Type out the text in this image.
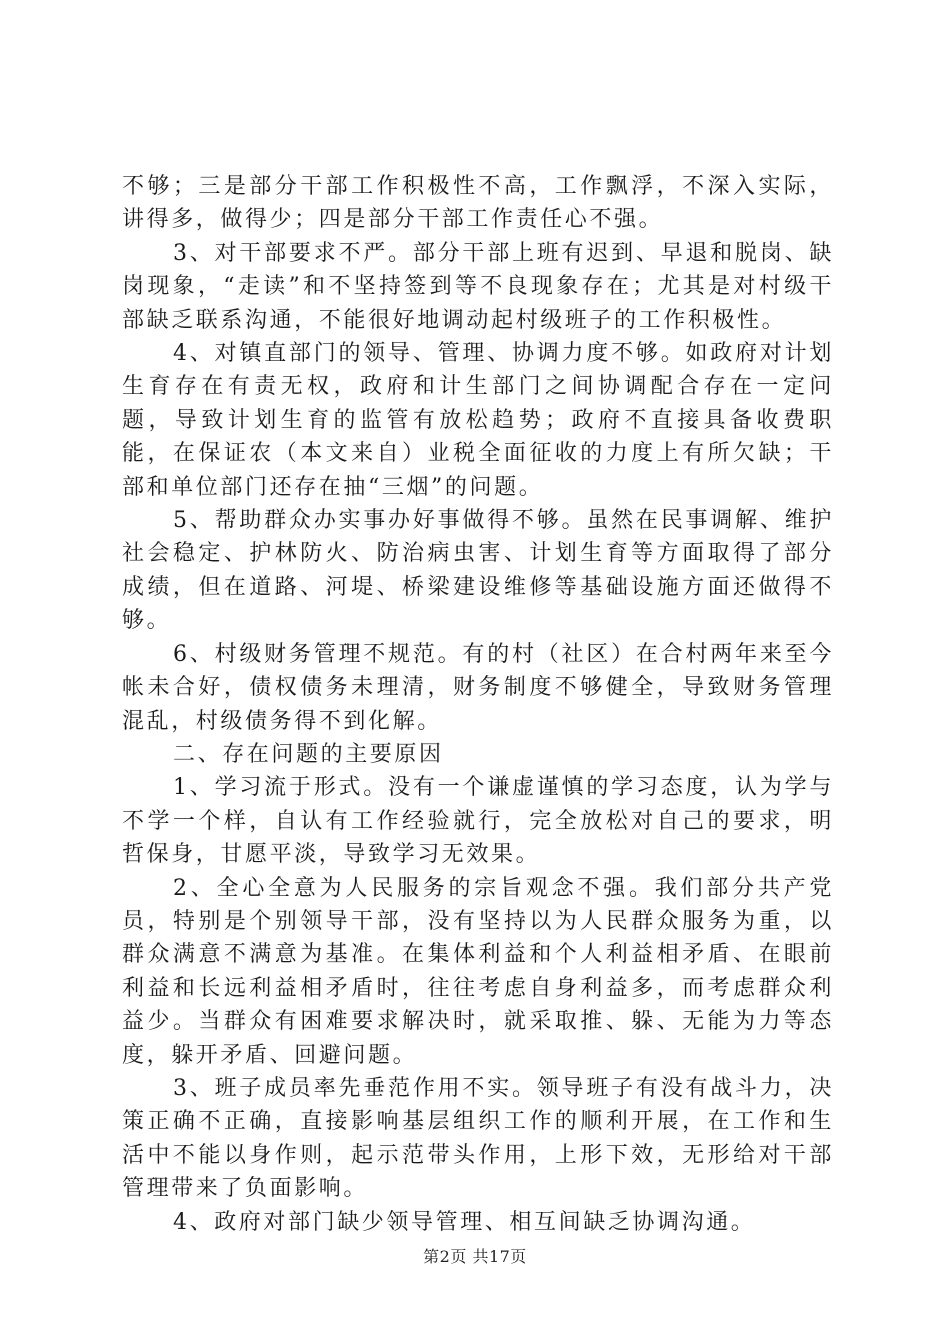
不够；三是部分干部工作积极性不高，工作飘浮，不深入实际，讲得多，做得少；四是部分干部工作责任心不强。

3、对干部要求不严。部分干部上班有迟到、早退和脱岗、缺岗现象，“走读”和不坚持签到等不良现象存在；尤其是对村级干部缺乏联系沟通，不能很好地调动起村级班子的工作积极性。

4、对镇直部门的领导、管理、协调力度不够。如政府对计划生育存在有责无权，政府和计生部门之间协调配合存在一定问题，导致计划生育的监管有放松趋势；政府不直接具备收费职能，在保证农（本文来自）业税全面征收的力度上有所欠缺；干部和单位部门还存在抽“三烟”的问题。

5、帮助群众办实事办好事做得不够。虽然在民事调解、维护社会稳定、护林防火、防治病虫害、计划生育等方面取得了部分成绩，但在道路、河堤、桥梁建设维修等基础设施方面还做得不够。

6、村级财务管理不规范。有的村（社区）在合村两年来至今帐未合好，债权债务未理清，财务制度不够健全，导致财务管理混乱，村级债务得不到化解。

二、存在问题的主要原因

1、学习流于形式。没有一个谦虚谨慎的学习态度，认为学与不学一个样，自认有工作经验就行，完全放松对自己的要求，明哲保身，甘愿平淡，导致学习无效果。

2、全心全意为人民服务的宗旨观念不强。我们部分共产党员，特别是个别领导干部，没有坚持以为人民群众服务为重，以群众满意不满意为基准。在集体利益和个人利益相矛盾、在眼前利益和长远利益相矛盾时，往往考虑自身利益多，而考虑群众利益少。当群众有困难要求解决时，就采取推、躲、无能为力等态度，躲开矛盾、回避问题。

3、班子成员率先垂范作用不实。领导班子有没有战斗力，决策正确不正确，直接影响基层组织工作的顺利开展，在工作和生活中不能以身作则，起示范带头作用，上形下效，无形给对干部管理带来了负面影响。

4、政府对部门缺少领导管理、相互间缺乏协调沟通。

第2页 共17页
